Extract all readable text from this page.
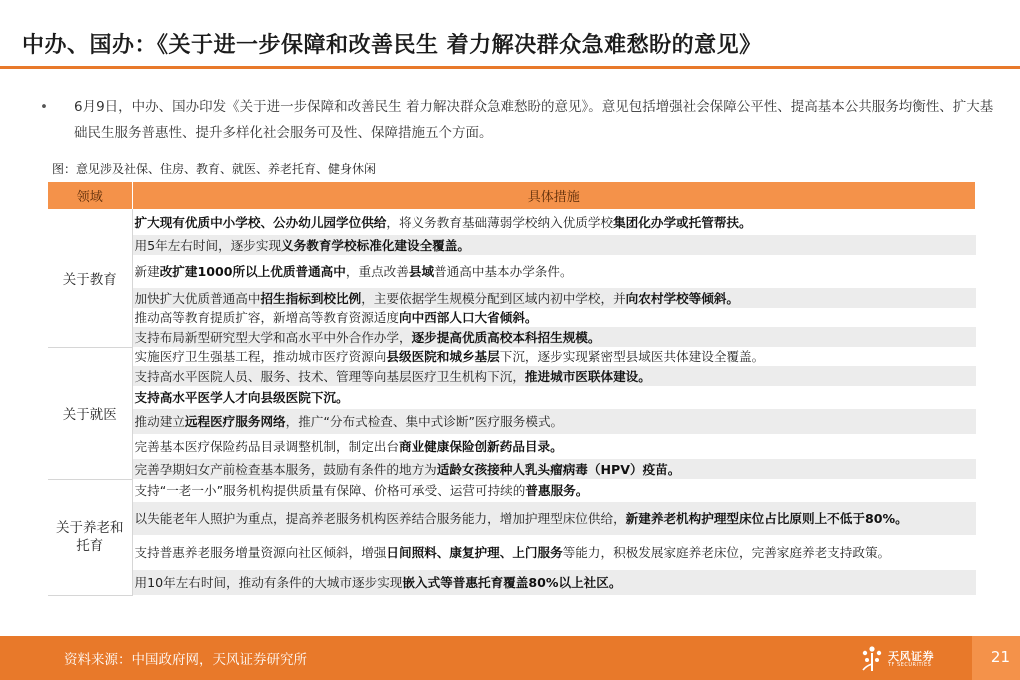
中办、国办：《关于进一步保障和改善民生 着力解决群众急难愁盼的意见》
• 6月9日，中办、国办印发《关于进一步保障和改善民生 着力解决群众急难愁盼的意见》。意见包括增强社会保障公平性、提高基本公共服务均衡性、扩大基础民生服务普惠性、提升多样化社会服务可及性、保障措施五个方面。
图：意见涉及社保、住房、教育、就医、养老托育、健身休闲
领域	具体措施
关于教育	扩大现有优质中小学校、公办幼儿园学位供给，将义务教育基础薄弱学校纳入优质学校集团化办学或托管帮扶。
	用5年左右时间，逐步实现义务教育学校标准化建设全覆盖。
	新建改扩建1000所以上优质普通高中，重点改善县域普通高中基本办学条件。
	加快扩大优质普通高中招生指标到校比例，主要依据学生规模分配到区域内初中学校，并向农村学校等倾斜。
	推动高等教育提质扩容，新增高等教育资源适度向中西部人口大省倾斜。
	支持布局新型研究型大学和高水平中外合作办学，逐步提高优质高校本科招生规模。
关于就医	实施医疗卫生强基工程，推动城市医疗资源向县级医院和城乡基层下沉，逐步实现紧密型县域医共体建设全覆盖。
	支持高水平医院人员、服务、技术、管理等向基层医疗卫生机构下沉，推进城市医联体建设。
	支持高水平医学人才向县级医院下沉。
	推动建立远程医疗服务网络，推广“分布式检查、集中式诊断”医疗服务模式。
	完善基本医疗保险药品目录调整机制，制定出台商业健康保险创新药品目录。
	完善孕期妇女产前检查基本服务，鼓励有条件的地方为适龄女孩接种人乳头瘤病毒（HPV）疫苗。
关于养老和托育	支持“一老一小”服务机构提供质量有保障、价格可承受、运营可持续的普惠服务。
	以失能老年人照护为重点，提高养老服务机构医养结合服务能力，增加护理型床位供给，新建养老机构护理型床位占比原则上不低于80%。
	支持普惠养老服务增量资源向社区倾斜，增强日间照料、康复护理、上门服务等能力，积极发展家庭养老床位，完善家庭养老支持政策。
	用10年左右时间，推动有条件的大城市逐步实现嵌入式等普惠托育覆盖80%以上社区。
资料来源：中国政府网，天风证券研究所	天风证券
TF SECURITIES	21
